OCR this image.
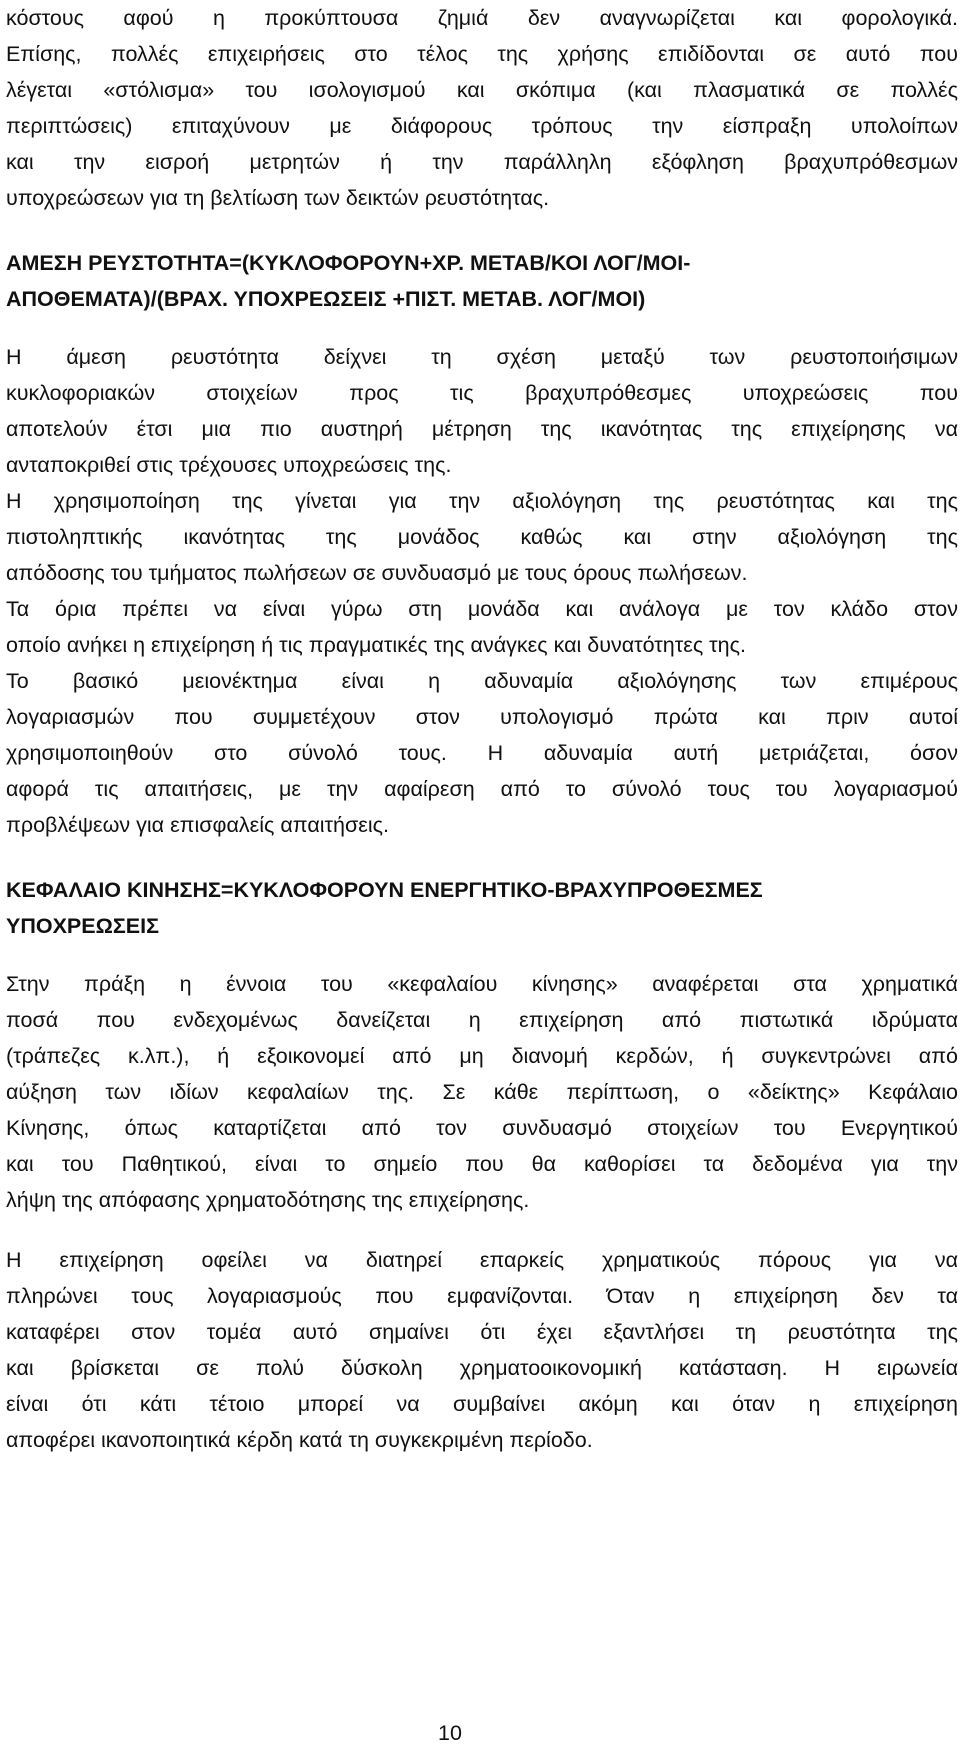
κόστους αφού η προκύπτουσα ζημιά δεν αναγνωρίζεται και φορολογικά.
Επίσης, πολλές επιχειρήσεις στο τέλος της χρήσης επιδίδονται σε αυτό που
λέγεται «στόλισμα» του ισολογισμού και σκόπιμα (και πλασματικά σε πολλές
περιπτώσεις) επιταχύνουν με διάφορους τρόπους την είσπραξη υπολοίπων
και την εισροή μετρητών ή την παράλληλη εξόφληση βραχυπρόθεσμων
υποχρεώσεων για τη βελτίωση των δεικτών ρευστότητας.
ΑΜΕΣΗ ΡΕΥΣΤΟΤΗΤΑ=(ΚΥΚΛΟΦΟΡΟΥΝ+ΧΡ. ΜΕΤΑΒ/ΚΟΙ ΛΟΓ/ΜΟΙ-
ΑΠΟΘΕΜΑΤΑ)/(ΒΡΑΧ. ΥΠΟΧΡΕΩΣΕΙΣ +ΠΙΣΤ. ΜΕΤΑΒ. ΛΟΓ/ΜΟΙ)
Η άμεση ρευστότητα δείχνει τη σχέση μεταξύ των ρευστοποιήσιμων
κυκλοφοριακών στοιχείων προς τις βραχυπρόθεσμες υποχρεώσεις που
αποτελούν έτσι μια πιο αυστηρή μέτρηση της ικανότητας της επιχείρησης να
ανταποκριθεί στις τρέχουσες υποχρεώσεις της.
Η χρησιμοποίηση της γίνεται για την αξιολόγηση της ρευστότητας και της
πιστοληπτικής ικανότητας της μονάδος καθώς και στην αξιολόγηση της
απόδοσης του τμήματος πωλήσεων σε συνδυασμό με τους όρους πωλήσεων.
Τα όρια πρέπει να είναι γύρω στη μονάδα και ανάλογα με τον κλάδο στον
οποίο ανήκει η επιχείρηση ή τις πραγματικές της ανάγκες και δυνατότητες της.
Το βασικό μειονέκτημα είναι η αδυναμία αξιολόγησης των επιμέρους
λογαριασμών που συμμετέχουν στον υπολογισμό πρώτα και πριν αυτοί
χρησιμοποιηθούν στο σύνολό τους. Η αδυναμία αυτή μετριάζεται, όσον
αφορά τις απαιτήσεις, με την αφαίρεση από το σύνολό τους του λογαριασμού
προβλέψεων για επισφαλείς απαιτήσεις.
ΚΕΦΑΛΑΙΟ ΚΙΝΗΣΗΣ=ΚΥΚΛΟΦΟΡΟΥΝ ΕΝΕΡΓΗΤΙΚΟ-ΒΡΑΧΥΠΡΟΘΕΣΜΕΣ
ΥΠΟΧΡΕΩΣΕΙΣ
Στην πράξη η έννοια του «κεφαλαίου κίνησης» αναφέρεται στα χρηματικά
ποσά που ενδεχομένως δανείζεται η επιχείρηση από πιστωτικά ιδρύματα
(τράπεζες κ.λπ.), ή εξοικονομεί από μη διανομή κερδών, ή συγκεντρώνει από
αύξηση των ιδίων κεφαλαίων της. Σε κάθε περίπτωση, ο «δείκτης» Κεφάλαιο
Κίνησης, όπως καταρτίζεται από τον συνδυασμό στοιχείων του Ενεργητικού
και του Παθητικού, είναι το σημείο που θα καθορίσει τα δεδομένα για την
λήψη της απόφασης χρηματοδότησης της επιχείρησης.
Η επιχείρηση οφείλει να διατηρεί επαρκείς χρηματικούς πόρους για να
πληρώνει τους λογαριασμούς που εμφανίζονται. Όταν η επιχείρηση δεν τα
καταφέρει στον τομέα αυτό σημαίνει ότι έχει εξαντλήσει τη ρευστότητα της
και βρίσκεται σε πολύ δύσκολη χρηματοοικονομική κατάσταση. Η ειρωνεία
είναι ότι κάτι τέτοιο μπορεί να συμβαίνει ακόμη και όταν η επιχείρηση
αποφέρει ικανοποιητικά κέρδη κατά τη συγκεκριμένη περίοδο.
10
